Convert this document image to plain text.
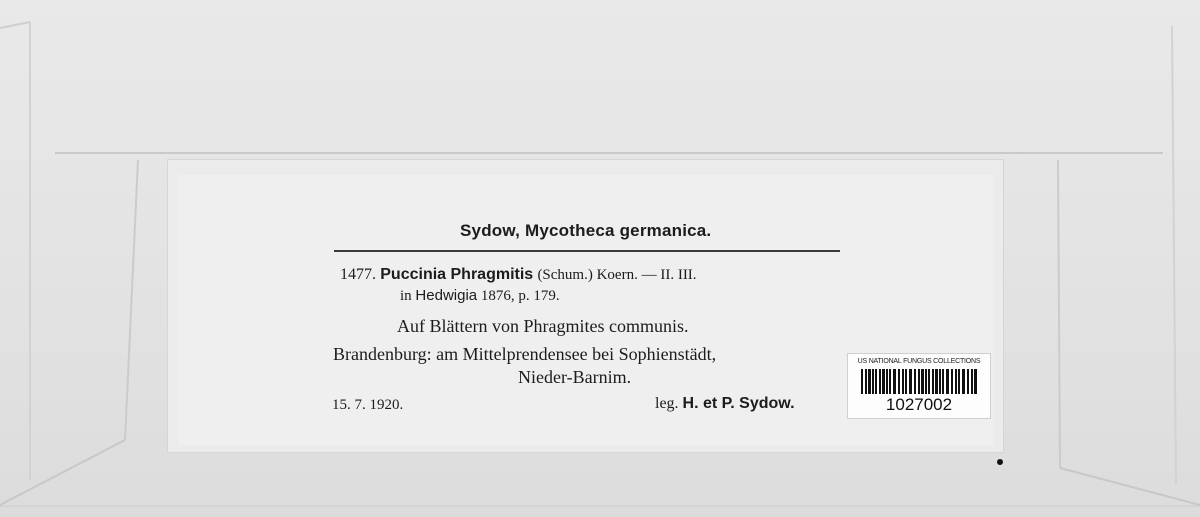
Sydow, Mycotheca germanica.
1477. Puccinia Phragmitis (Schum.) Koern. — II. III.
in Hedwigia 1876, p. 179.
Auf Blättern von Phragmites communis.
Brandenburg: am Mittelprendensee bei Sophienstädt,
Nieder-Barnim.
15. 7. 1920.	leg. H. et P. Sydow.
US NATIONAL FUNGUS COLLECTIONS
1027002
